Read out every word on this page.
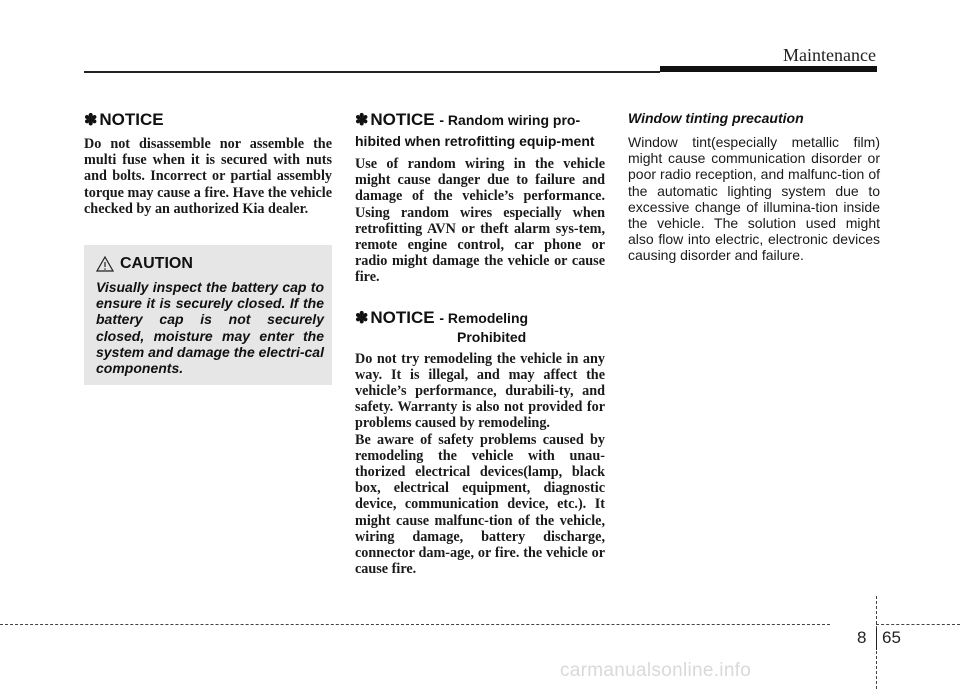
Maintenance
✽ NOTICE
Do not disassemble nor assemble the multi fuse when it is secured with nuts and bolts. Incorrect or partial assembly torque may cause a fire. Have the vehicle checked by an authorized Kia dealer.
CAUTION
Visually inspect the battery cap to ensure it is securely closed. If the battery cap is not securely closed, moisture may enter the system and damage the electri-cal components.
✽ NOTICE - Random wiring pro-hibited when retrofitting equip-ment
Use of random wiring in the vehicle might cause danger due to failure and damage of the vehicle’s performance. Using random wires especially when retrofitting AVN or theft alarm sys-tem, remote engine control, car phone or radio might damage the vehicle or cause fire.
✽ NOTICE - Remodeling
Prohibited

Do not try remodeling the vehicle in any way. It is illegal, and may affect the vehicle’s performance, durabili-ty, and safety. Warranty is also not provided for problems caused by remodeling.

Be aware of safety problems caused by remodeling the vehicle with unau-thorized electrical devices(lamp, black box, electrical equipment, diagnostic device, communication device, etc.). It might cause malfunc-tion of the vehicle, wiring damage, battery discharge, connector dam-age, or fire. the vehicle or cause fire.

Window tinting precaution
Window tint(especially metallic film) might cause communication disorder or poor radio reception, and malfunc-tion of the automatic lighting system due to excessive change of illumina-tion inside the vehicle. The solution used might also flow into electric, electronic devices causing disorder and failure.
8 65
carmanualsonline.info
